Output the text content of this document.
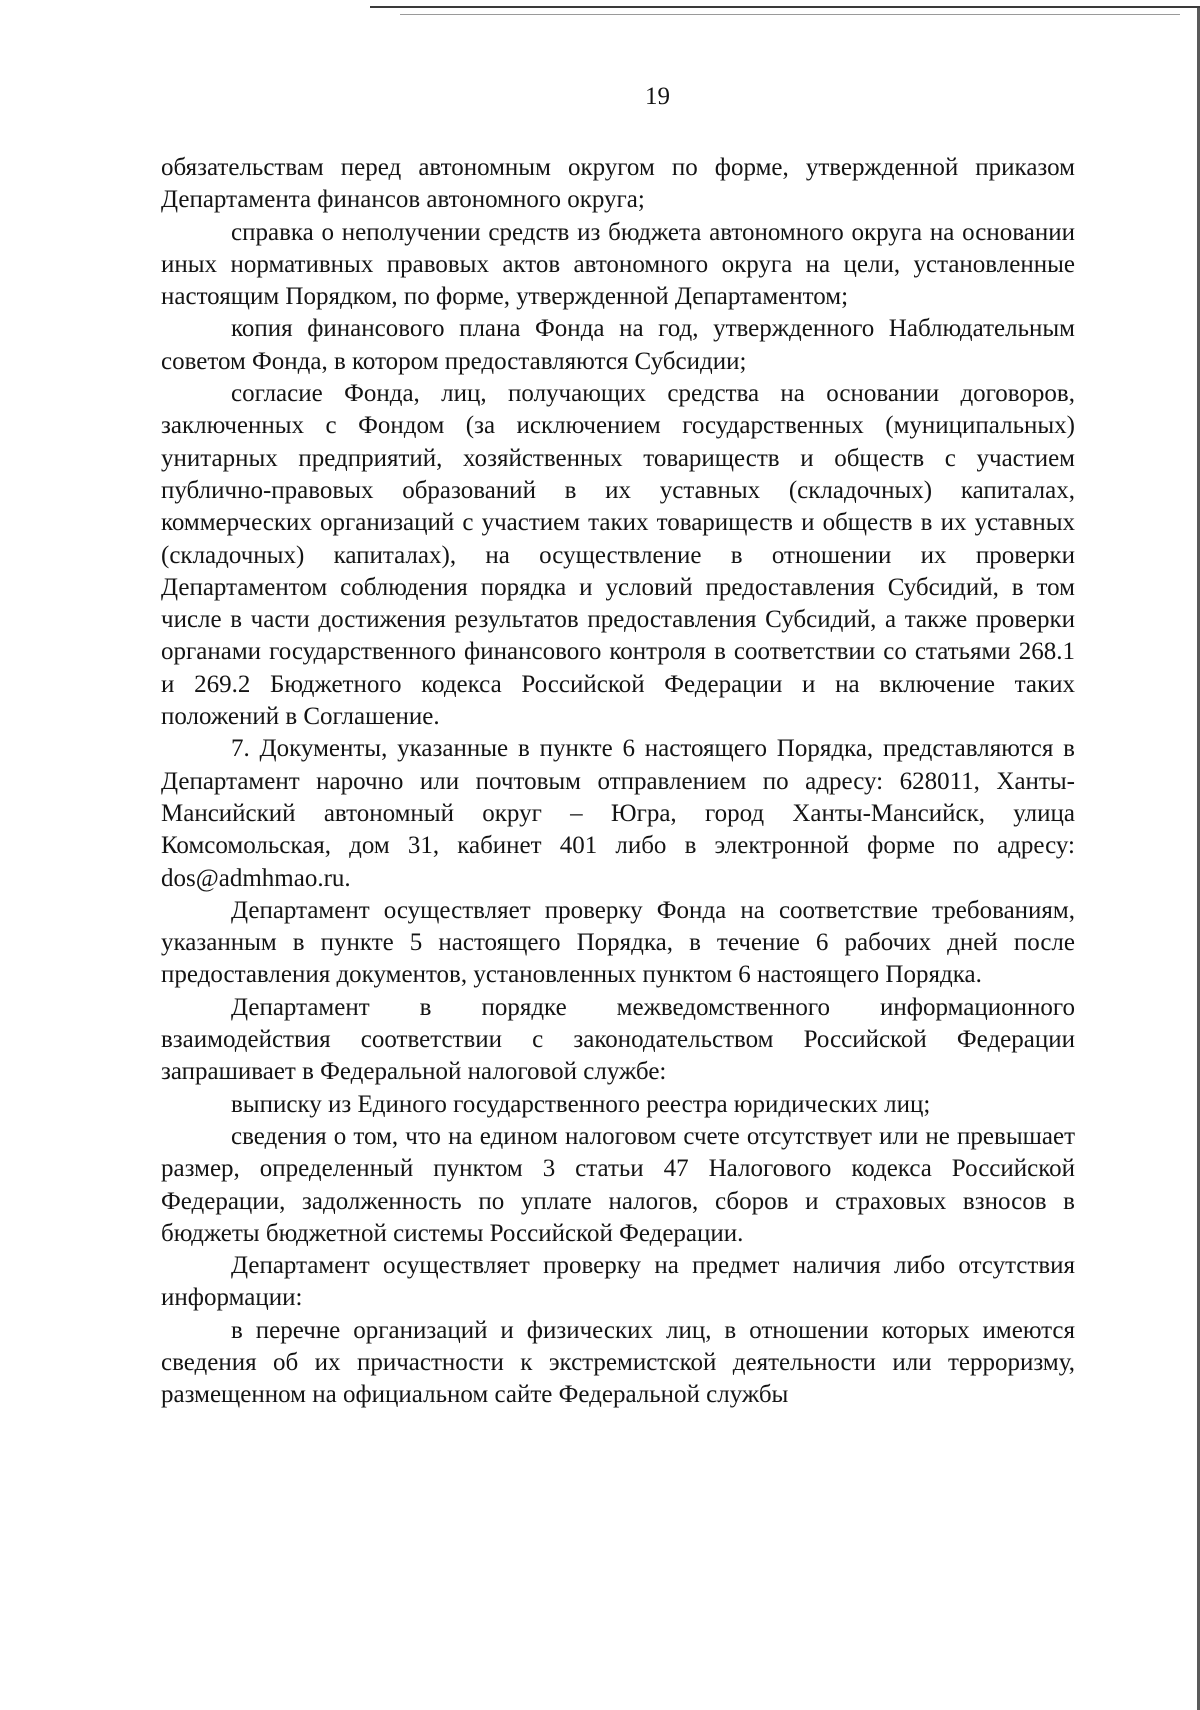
19

обязательствам перед автономным округом по форме, утвержденной приказом Департамента финансов автономного округа;

справка о неполучении средств из бюджета автономного округа на основании иных нормативных правовых актов автономного округа на цели, установленные настоящим Порядком, по форме, утвержденной Департаментом;

копия финансового плана Фонда на год, утвержденного Наблюдательным советом Фонда, в котором предоставляются Субсидии;

согласие Фонда, лиц, получающих средства на основании договоров, заключенных с Фондом (за исключением государственных (муниципальных) унитарных предприятий, хозяйственных товариществ и обществ с участием публично-правовых образований в их уставных (складочных) капиталах, коммерческих организаций с участием таких товариществ и обществ в их уставных (складочных) капиталах), на осуществление в отношении их проверки Департаментом соблюдения порядка и условий предоставления Субсидий, в том числе в части достижения результатов предоставления Субсидий, а также проверки органами государственного финансового контроля в соответствии со статьями 268.1 и 269.2 Бюджетного кодекса Российской Федерации и на включение таких положений в Соглашение.

7. Документы, указанные в пункте 6 настоящего Порядка, представляются в Департамент нарочно или почтовым отправлением по адресу: 628011, Ханты-Мансийский автономный округ – Югра, город Ханты-Мансийск, улица Комсомольская, дом 31, кабинет 401 либо в электронной форме по адресу: dos@admhmao.ru.

Департамент осуществляет проверку Фонда на соответствие требованиям, указанным в пункте 5 настоящего Порядка, в течение 6 рабочих дней после предоставления документов, установленных пунктом 6 настоящего Порядка.

Департамент в порядке межведомственного информационного взаимодействия соответствии с законодательством Российской Федерации запрашивает в Федеральной налоговой службе:

выписку из Единого государственного реестра юридических лиц;

сведения о том, что на едином налоговом счете отсутствует или не превышает размер, определенный пунктом 3 статьи 47 Налогового кодекса Российской Федерации, задолженность по уплате налогов, сборов и страховых взносов в бюджеты бюджетной системы Российской Федерации.

Департамент осуществляет проверку на предмет наличия либо отсутствия информации:

в перечне организаций и физических лиц, в отношении которых имеются сведения об их причастности к экстремистской деятельности или терроризму, размещенном на официальном сайте Федеральной службы
